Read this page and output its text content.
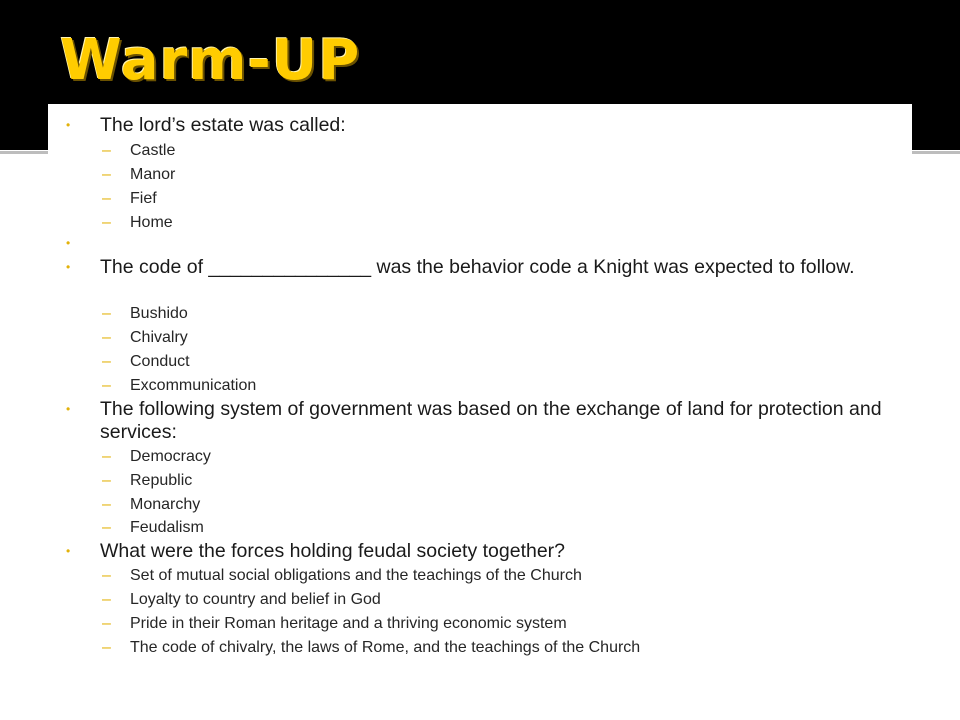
Warm-UP
• The lord’s estate was called:
– Castle
– Manor
– Fief
– Home
•
• The code of _______________ was the behavior code a Knight was expected to follow.
– Bushido
– Chivalry
– Conduct
– Excommunication
• The following system of government was based on the exchange of land for protection and services:
– Democracy
– Republic
– Monarchy
– Feudalism
• What were the forces holding feudal society together?
– Set of mutual social obligations and the teachings of the Church
– Loyalty to country and belief in God
– Pride in their Roman heritage and a thriving economic system
– The code of chivalry, the laws of Rome, and the teachings of the Church
